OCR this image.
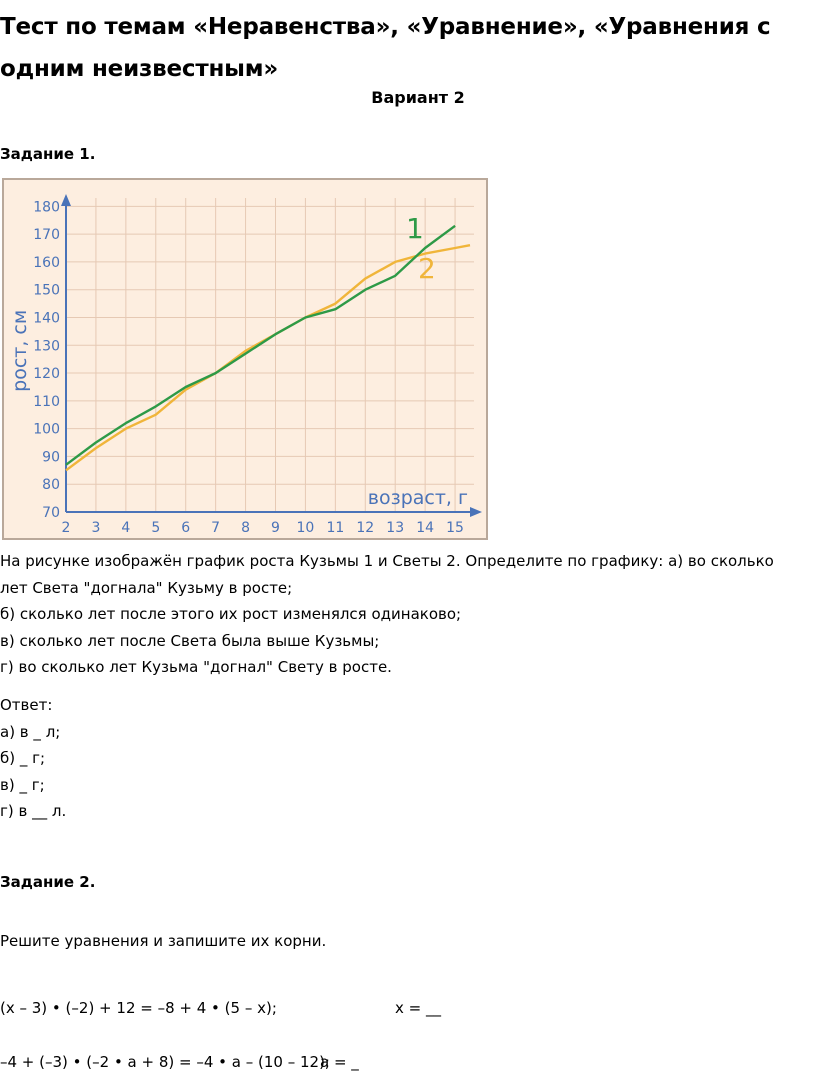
Тест по темам «Неравенства», «Уравнение», «Уравнения с одним неизвестным»
Вариант 2
Задание 1.
2 3 4 5 6 7 8 9 10 11 12 13 14 15
70
80
90
100
110
120
130
140
150
160
170
180
возраст, г
рост, см
1
2
На рисунке изображён график роста Кузьмы 1 и Светы 2. Определите по графику: а) во сколько
лет Света "догнала" Кузьму в росте;
б) сколько лет после этого их рост изменялся одинаково;
в) сколько лет после Света была выше Кузьмы;
г) во сколько лет Кузьма "догнал" Свету в росте.
Ответ:
а) в _ л;
б) _ г;
в) _ г;
г) в __ л.
Задание 2.
Решите уравнения и запишите их корни.
(x – 3) • (–2) + 12 = –8 + 4 • (5 – x);	x = __
–4 + (–3) • (–2 • a + 8) = –4 • a – (10 – 12);
a = _
